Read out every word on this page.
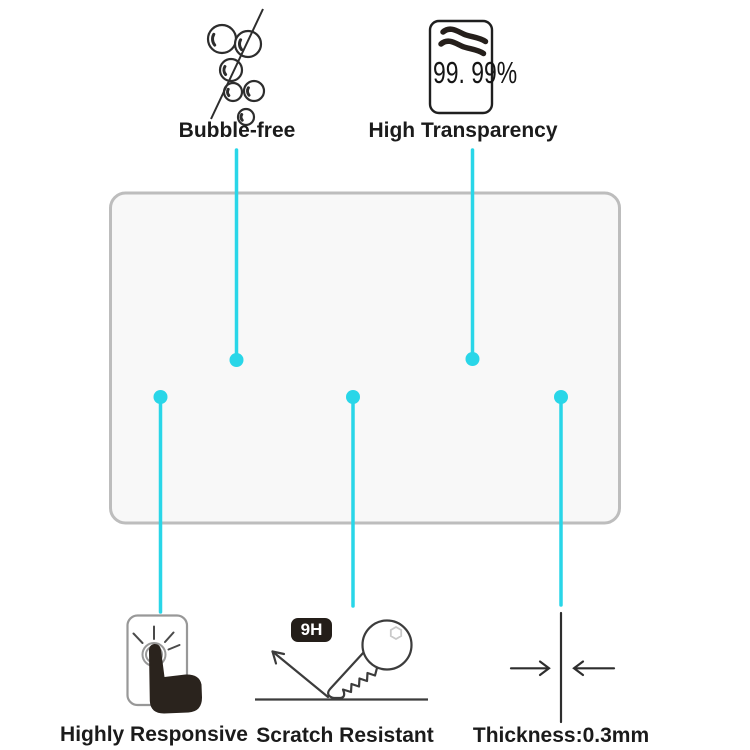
Bubble-free	High Transparency
99. 99%
Highly Responsive Scratch Resistant
9H
Thickness:0.3mm
